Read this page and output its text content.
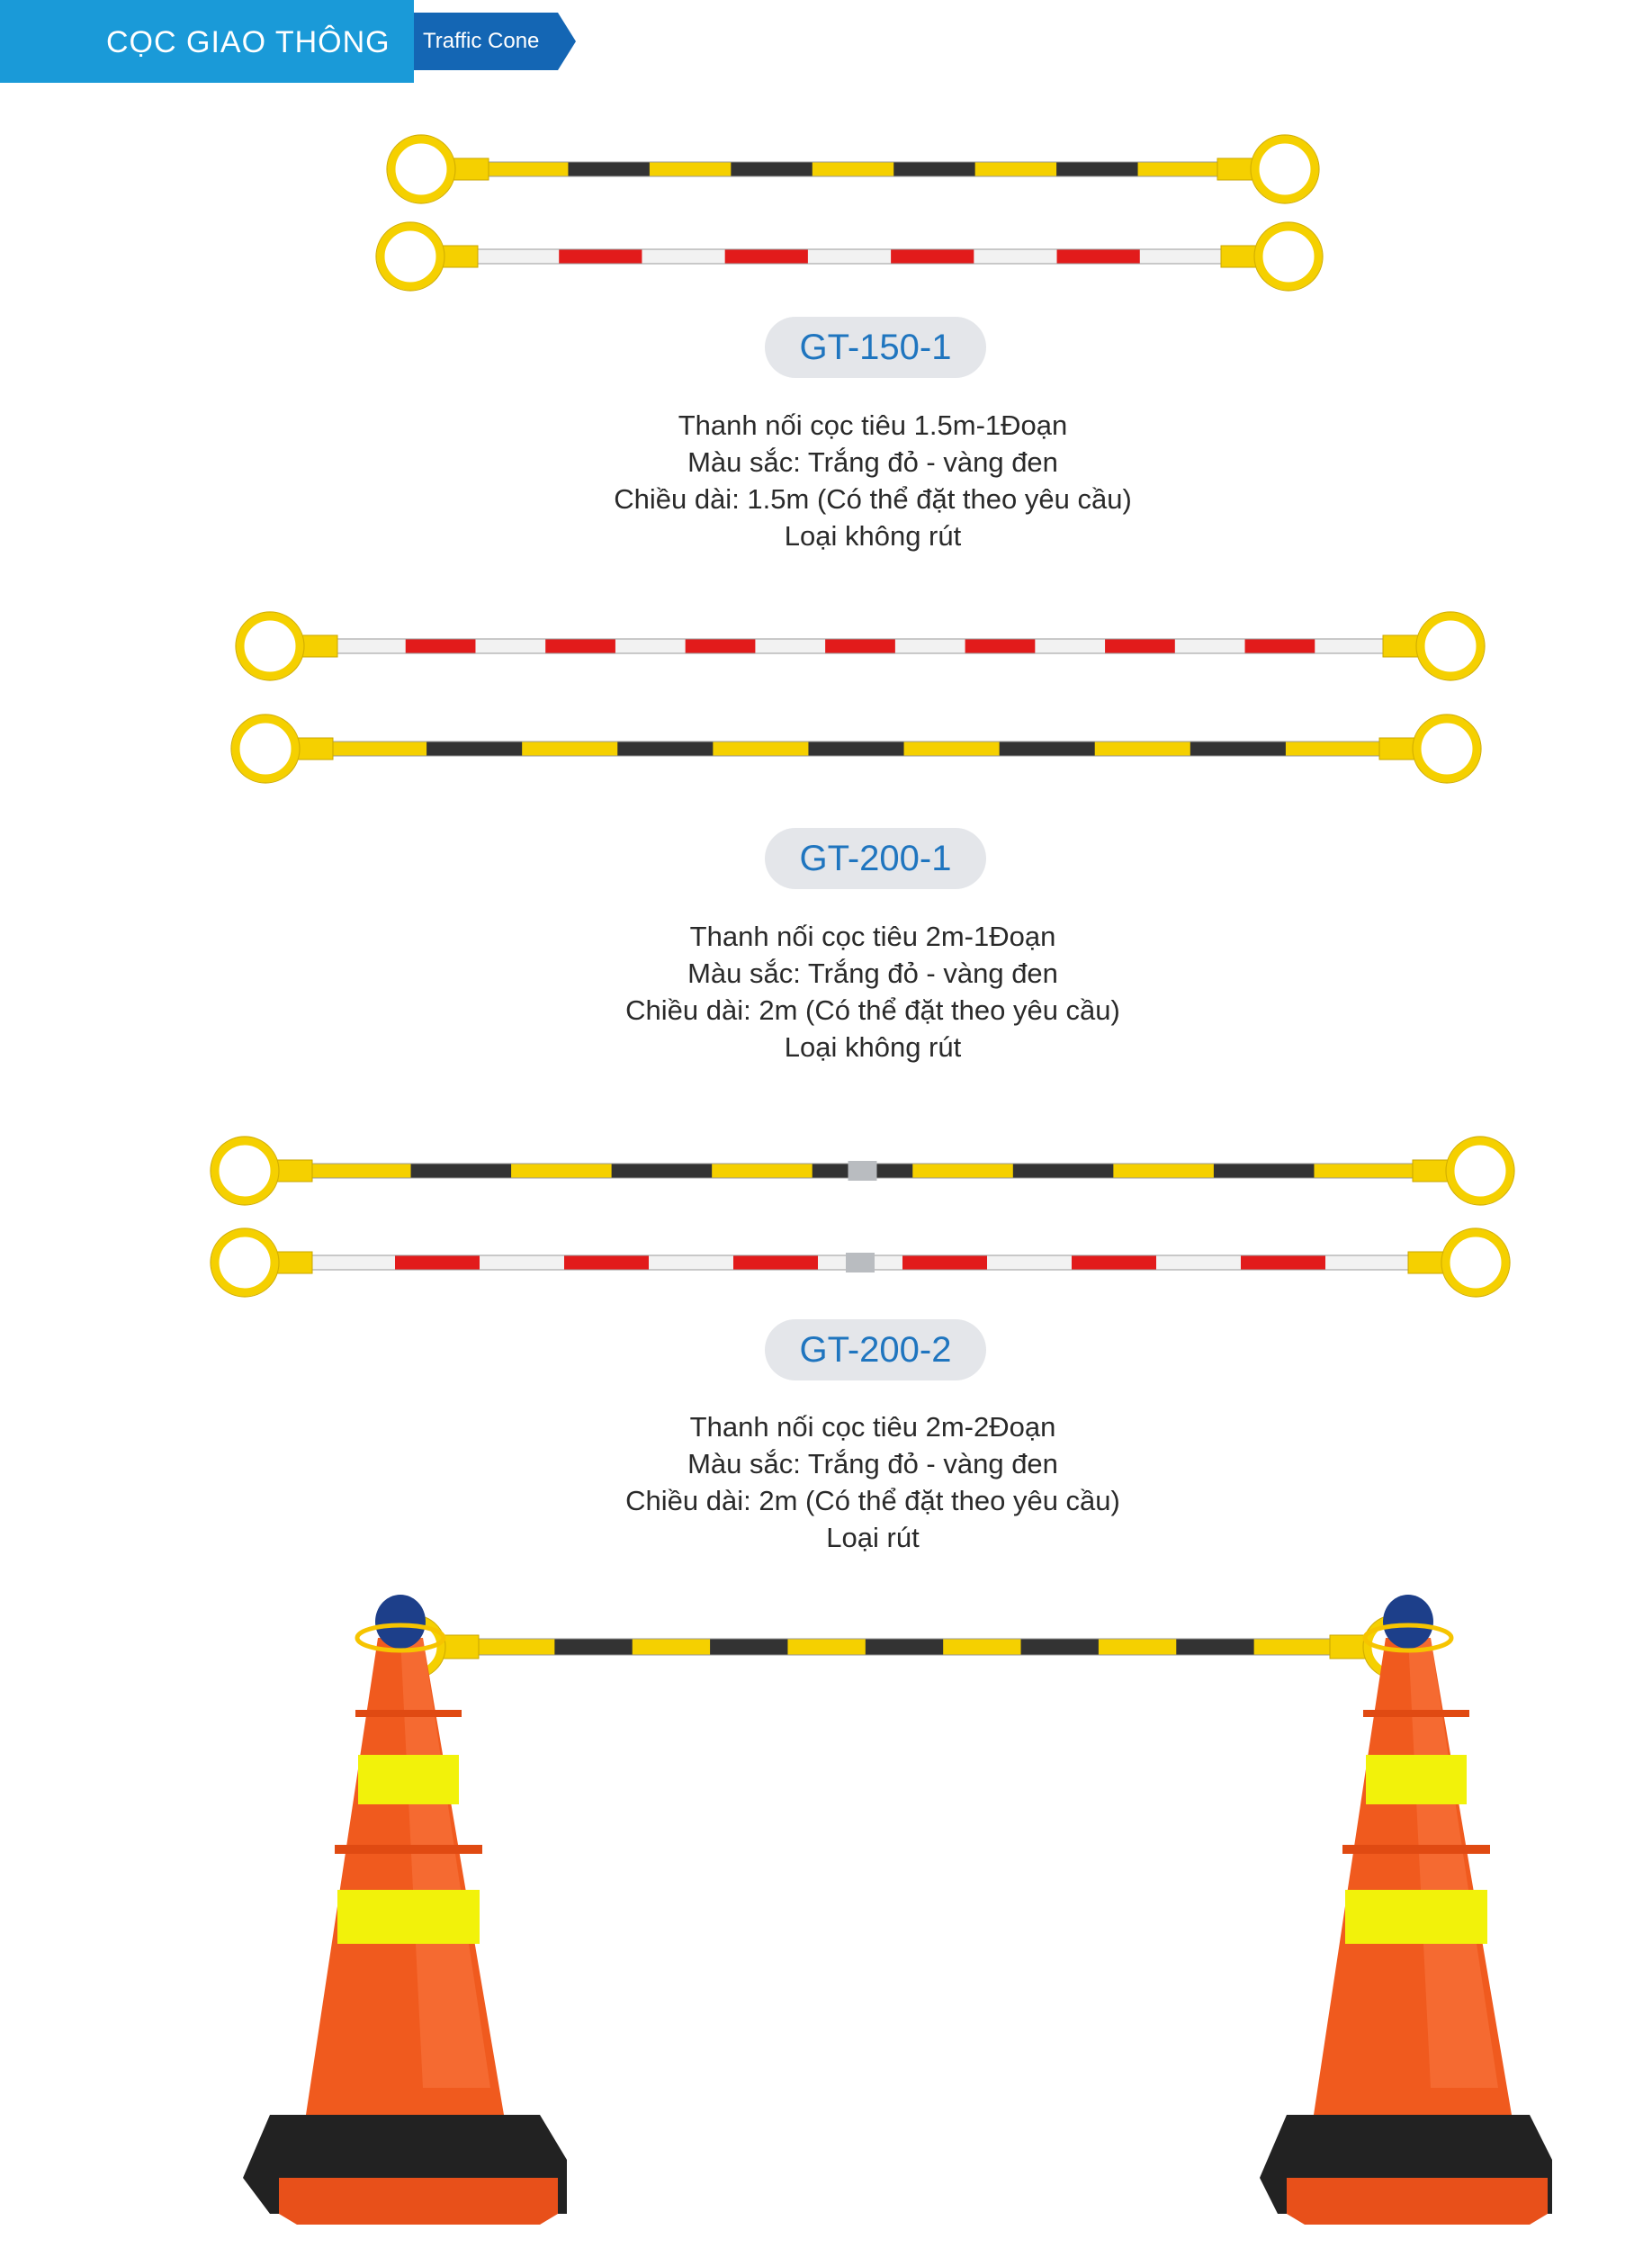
CỌC GIAO THÔNG Traffic Cone
GT-150-1
Thanh nối cọc tiêu 1.5m-1Đoạn
Màu sắc: Trắng đỏ - vàng đen
Chiều dài: 1.5m (Có thể đặt theo yêu cầu)
Loại không rút
GT-200-1
Thanh nối cọc tiêu 2m-1Đoạn
Màu sắc: Trắng đỏ - vàng đen
Chiều dài: 2m (Có thể đặt theo yêu cầu)
Loại không rút
GT-200-2
Thanh nối cọc tiêu 2m-2Đoạn
Màu sắc: Trắng đỏ - vàng đen
Chiều dài: 2m (Có thể đặt theo yêu cầu)
Loại rút
